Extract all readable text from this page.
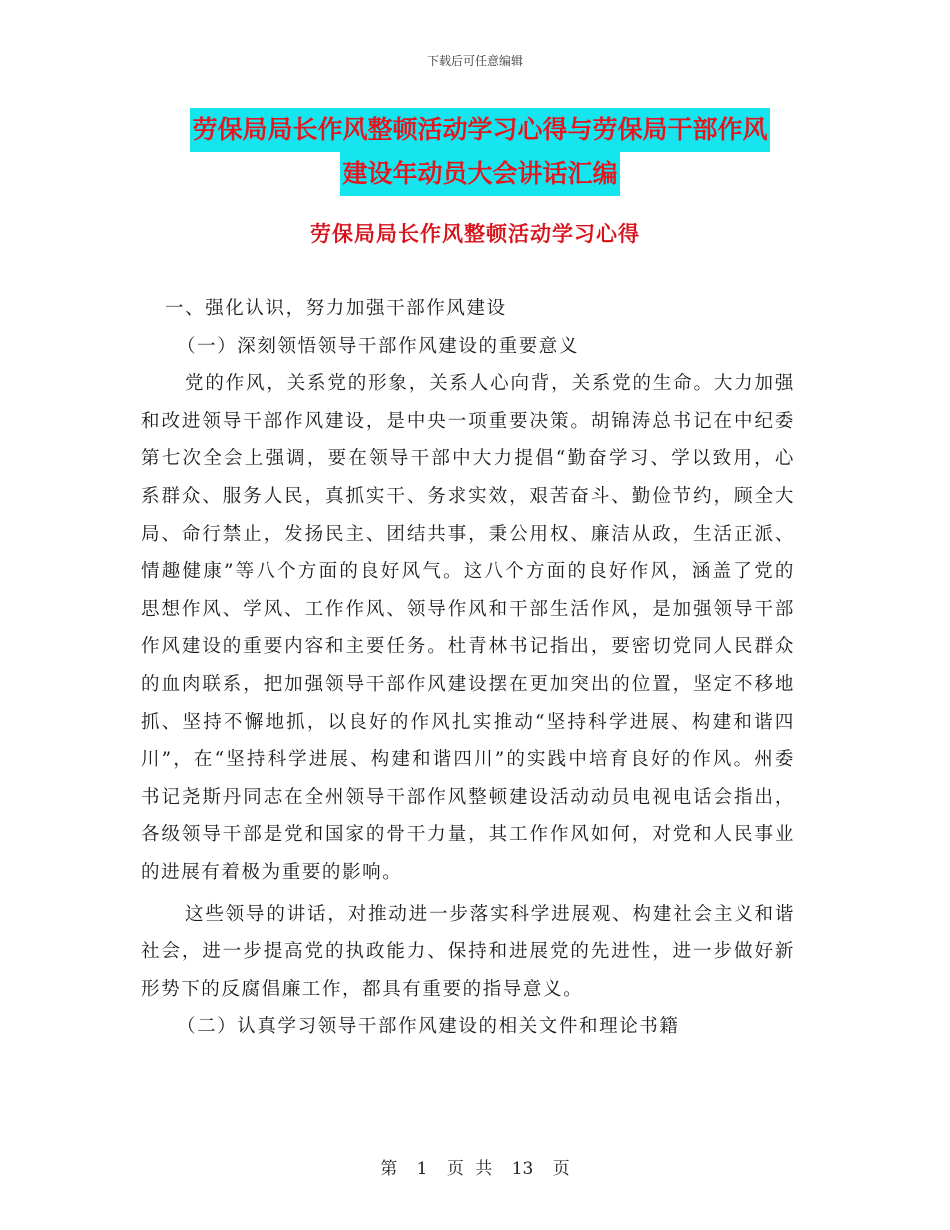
下载后可任意编辑
劳保局局长作风整顿活动学习心得与劳保局干部作风
建设年动员大会讲话汇编
劳保局局长作风整顿活动学习心得

一、强化认识，努力加强干部作风建设

（一）深刻领悟领导干部作风建设的重要意义

党的作风，关系党的形象，关系人心向背，关系党的生命。大力加强和改进领导干部作风建设，是中央一项重要决策。胡锦涛总书记在中纪委第七次全会上强调，要在领导干部中大力提倡“勤奋学习、学以致用，心系群众、服务人民，真抓实干、务求实效，艰苦奋斗、勤俭节约，顾全大局、命行禁止，发扬民主、团结共事，秉公用权、廉洁从政，生活正派、情趣健康”等八个方面的良好风气。这八个方面的良好作风，涵盖了党的思想作风、学风、工作作风、领导作风和干部生活作风，是加强领导干部作风建设的重要内容和主要任务。杜青林书记指出，要密切党同人民群众的血肉联系，把加强领导干部作风建设摆在更加突出的位置，坚定不移地抓、坚持不懈地抓，以良好的作风扎实推动“坚持科学进展、构建和谐四川”，在“坚持科学进展、构建和谐四川”的实践中培育良好的作风。州委书记尧斯丹同志在全州领导干部作风整顿建设活动动员电视电话会指出，各级领导干部是党和国家的骨干力量，其工作作风如何，对党和人民事业的进展有着极为重要的影响。

这些领导的讲话，对推动进一步落实科学进展观、构建社会主义和谐社会，进一步提高党的执政能力、保持和进展党的先进性，进一步做好新形势下的反腐倡廉工作，都具有重要的指导意义。

（二）认真学习领导干部作风建设的相关文件和理论书籍

第 1 页 共 13 页
